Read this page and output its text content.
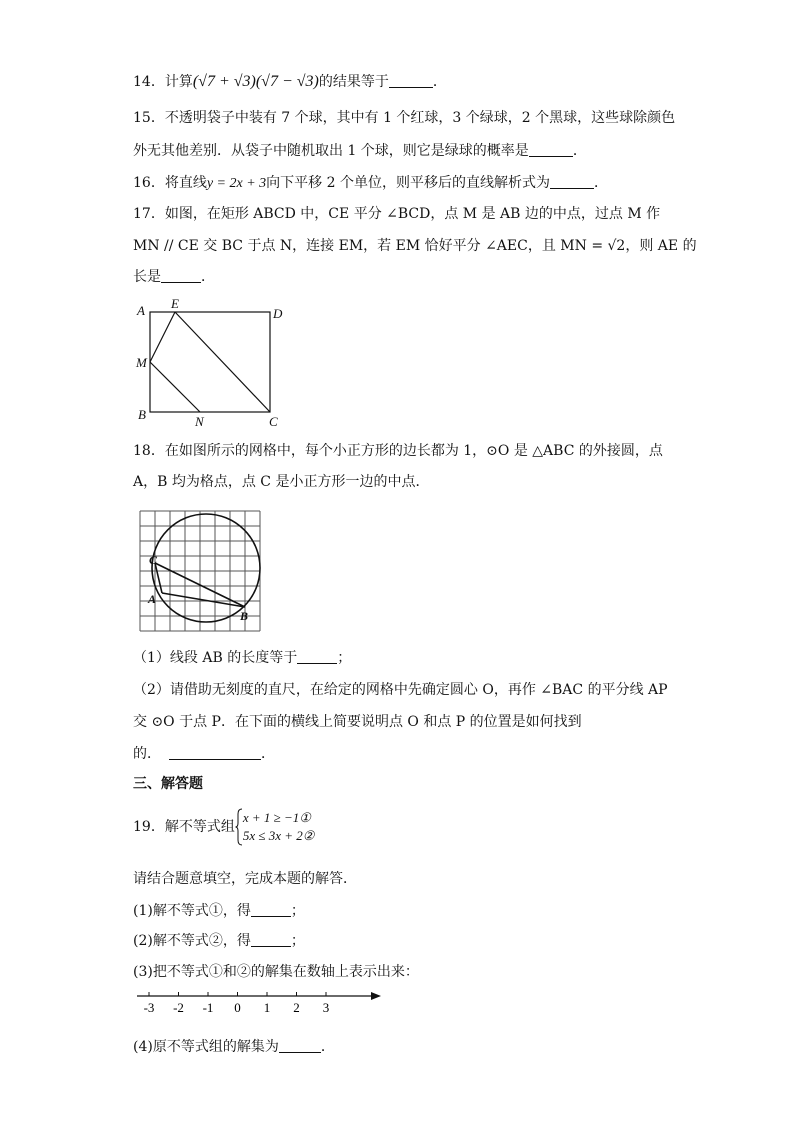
14．计算(√7 + √3)(√7 − √3)的结果等于	．
15．不透明袋子中装有 7 个球，其中有 1 个红球，3 个绿球，2 个黑球，这些球除颜色
外无其他差别．从袋子中随机取出 1 个球，则它是绿球的概率是	．
16．将直线y = 2x + 3向下平移 2 个单位，则平移后的直线解析式为	．
17．如图，在矩形 ABCD 中，CE 平分 ∠BCD，点 M 是 AB 边的中点，过点 M 作
MN // CE 交 BC 于点 N，连接 EM，若 EM 恰好平分 ∠AEC，且 MN = √2，则 AE 的
长是	．
A E
D
M
B	N	C
18．在如图所示的网格中，每个小正方形的边长都为 1，⊙O 是 △ABC 的外接圆，点
A，B 均为格点，点 C 是小正方形一边的中点．
C
A
B
（1）线段 AB 的长度等于	；
（2）请借助无刻度的直尺，在给定的网格中先确定圆心 O，再作 ∠BAC 的平分线 AP
交 ⊙O 于点 P．在下面的横线上简要说明点 O 和点 P 的位置是如何找到
的．	．
三、解答题
19．解不等式组x + 1 ≥ −1①
5x ≤ 3x + 2②
请结合题意填空，完成本题的解答．
(1)解不等式①，得	；
(2)解不等式②，得	；
(3)把不等式①和②的解集在数轴上表示出来：
-3 -2 -1 0 1 2 3
(4)原不等式组的解集为	．
